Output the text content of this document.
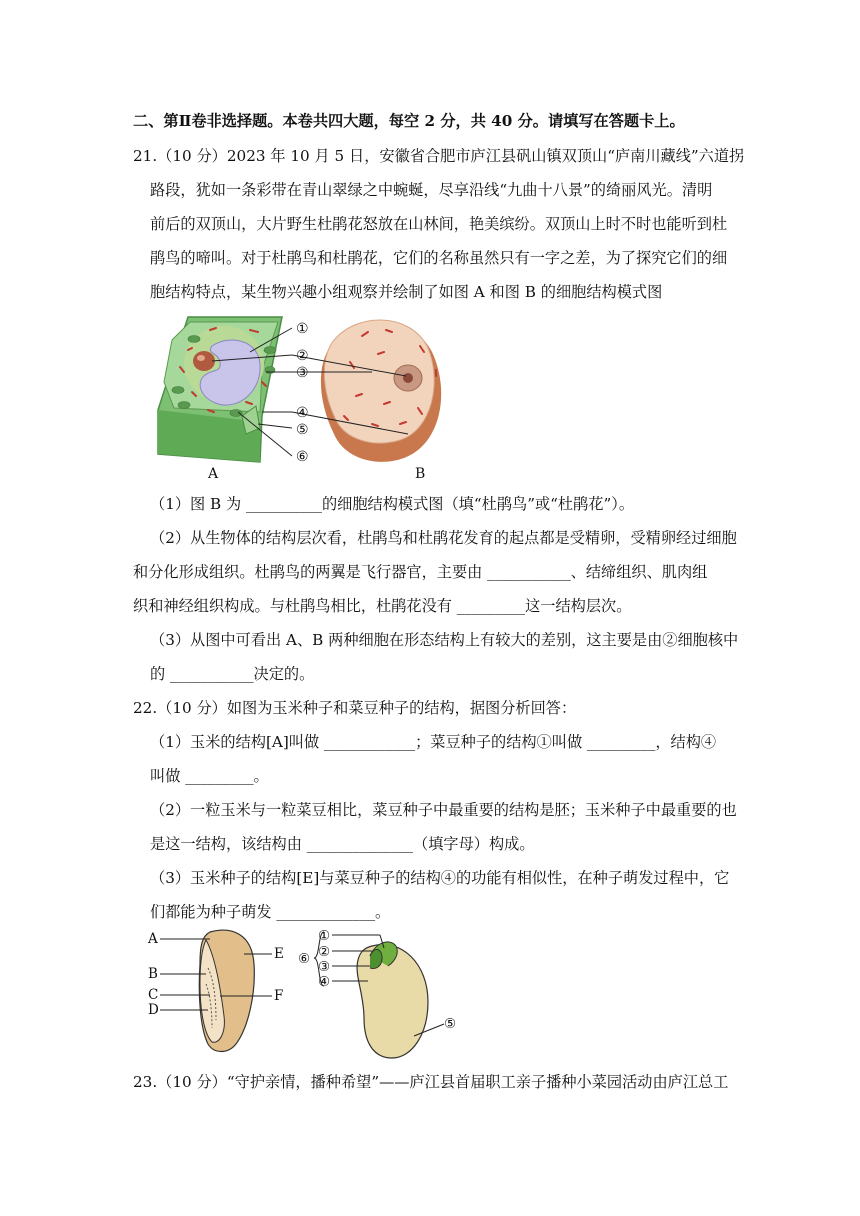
二、第Ⅱ卷非选择题。本卷共四大题，每空 2 分，共 40 分。请填写在答题卡上。
21.（10 分）2023 年 10 月 5 日，安徽省合肥市庐江县矾山镇双顶山“庐南川藏线”六道拐
路段，犹如一条彩带在青山翠绿之中蜿蜒，尽享沿线“九曲十八景”的绮丽风光。清明
前后的双顶山，大片野生杜鹃花怒放在山林间，艳美缤纷。双顶山上时不时也能听到杜
鹃鸟的啼叫。对于杜鹃鸟和杜鹃花，它们的名称虽然只有一字之差，为了探究它们的细
胞结构特点，某生物兴趣小组观察并绘制了如图 A 和图 B 的细胞结构模式图
①
②
③
④
⑤
⑥
A	B
（1）图 B 为 __________的细胞结构模式图（填“杜鹃鸟”或“杜鹃花”）。
（2）从生物体的结构层次看，杜鹃鸟和杜鹃花发育的起点都是受精卵，受精卵经过细胞
和分化形成组织。杜鹃鸟的两翼是飞行器官，主要由 ___________、结缔组织、肌肉组
织和神经组织构成。与杜鹃鸟相比，杜鹃花没有 _________这一结构层次。
（3）从图中可看出 A、B 两种细胞在形态结构上有较大的差别，这主要是由②细胞核中
的 ___________决定的。
22.（10 分）如图为玉米种子和菜豆种子的结构，据图分析回答：
（1）玉米的结构[A]叫做 ____________；菜豆种子的结构①叫做 _________，结构④
叫做 _________。
（2）一粒玉米与一粒菜豆相比，菜豆种子中最重要的结构是胚；玉米种子中最重要的也
是这一结构，该结构由 ______________（填字母）构成。
（3）玉米种子的结构[E]与菜豆种子的结构④的功能有相似性，在种子萌发过程中，它
们都能为种子萌发 _____________。
A
B
C
D
E
F
①
②
③
④
⑤
⑥
23.（10 分）“守护亲情，播种希望”——庐江县首届职工亲子播种小菜园活动由庐江总工
